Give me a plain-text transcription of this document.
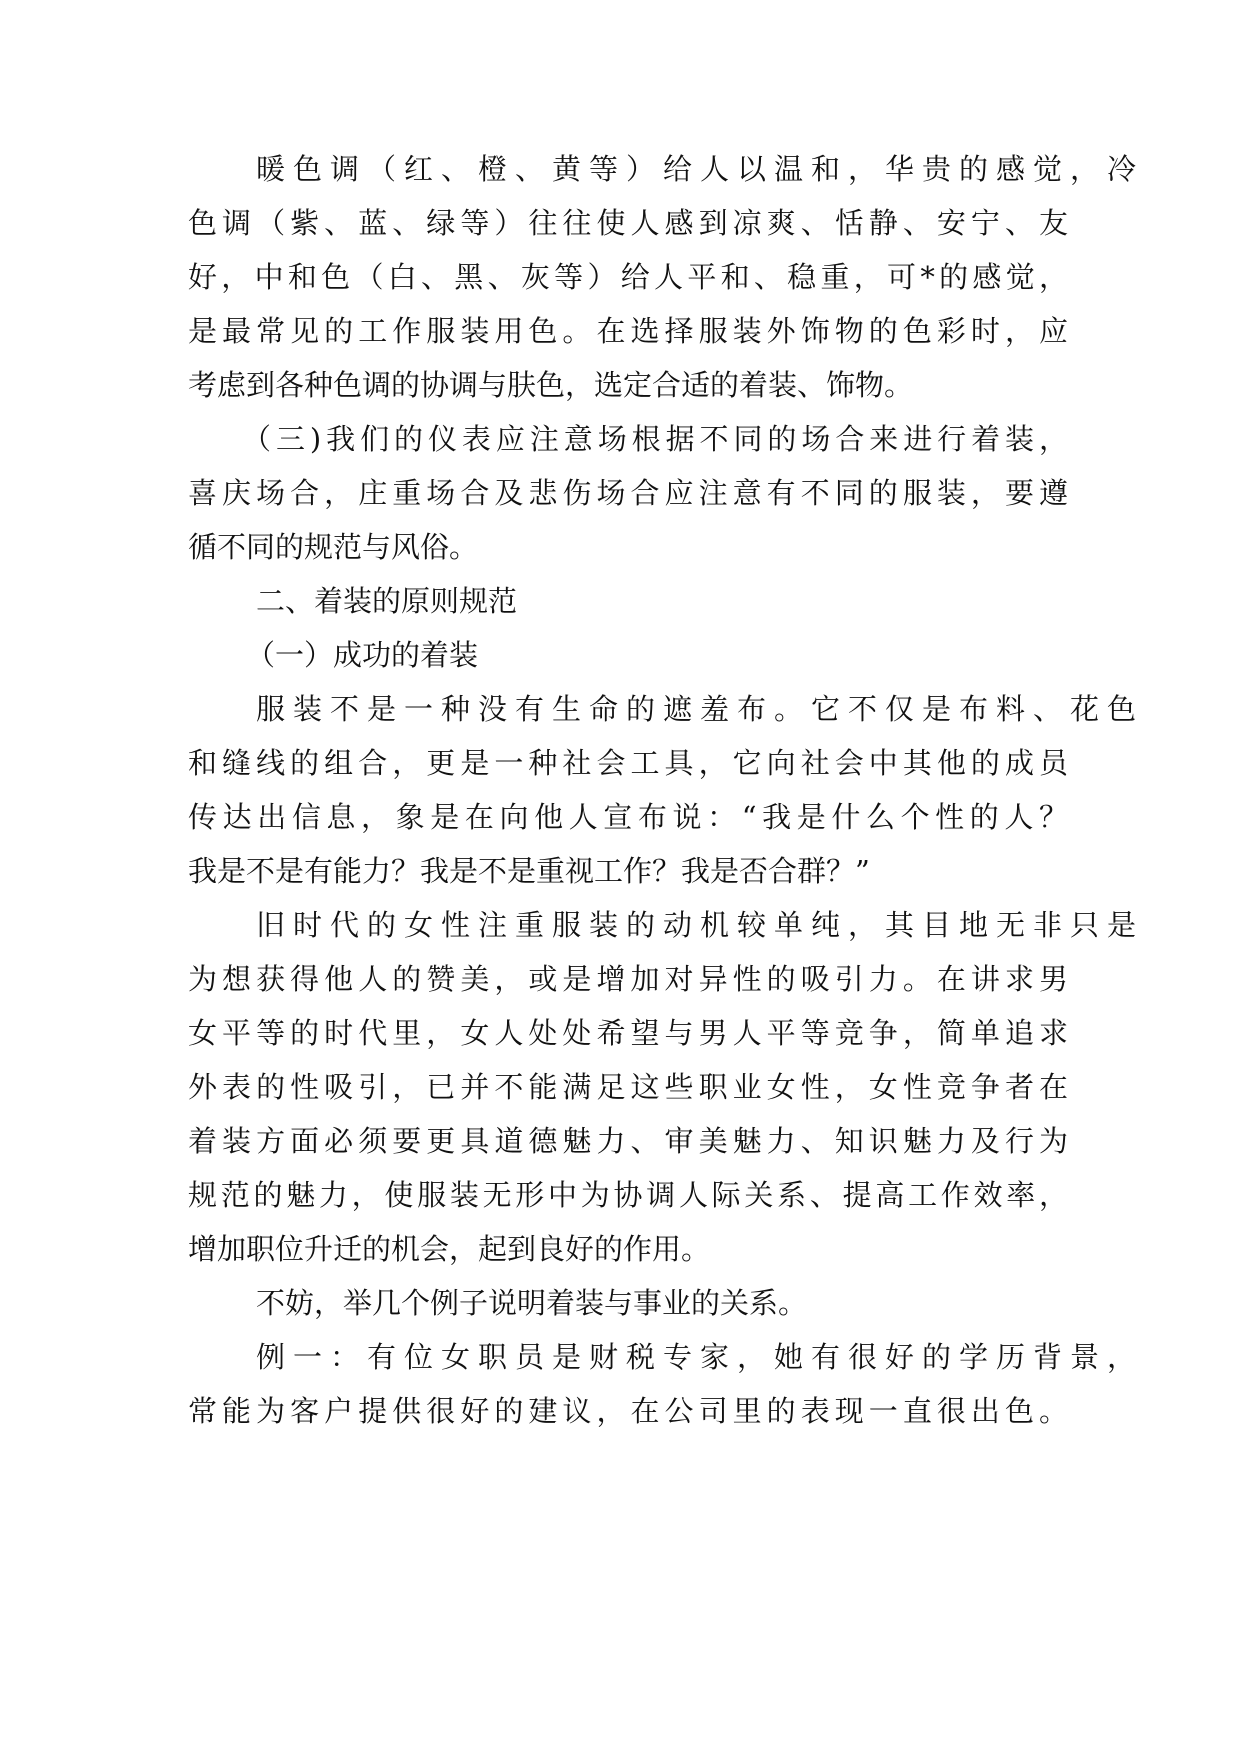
暖色调（红、橙、黄等）给人以温和，华贵的感觉，冷
色调（紫、蓝、绿等）往往使人感到凉爽、恬静、安宁、友
好，中和色（白、黑、灰等）给人平和、稳重，可*的感觉，
是最常见的工作服装用色。在选择服装外饰物的色彩时，应
考虑到各种色调的协调与肤色，选定合适的着装、饰物。
（三)我们的仪表应注意场根据不同的场合来进行着装，
喜庆场合，庄重场合及悲伤场合应注意有不同的服装，要遵
循不同的规范与风俗。
二、着装的原则规范
（一）成功的着装
服装不是一种没有生命的遮羞布。它不仅是布料、花色
和缝线的组合，更是一种社会工具，它向社会中其他的成员
传达出信息，象是在向他人宣布说：“我是什么个性的人？
我是不是有能力？我是不是重视工作？我是否合群？”
旧时代的女性注重服装的动机较单纯，其目地无非只是
为想获得他人的赞美，或是增加对异性的吸引力。在讲求男
女平等的时代里，女人处处希望与男人平等竞争，简单追求
外表的性吸引，已并不能满足这些职业女性，女性竞争者在
着装方面必须要更具道德魅力、审美魅力、知识魅力及行为
规范的魅力，使服装无形中为协调人际关系、提高工作效率，
增加职位升迁的机会，起到良好的作用。
不妨，举几个例子说明着装与事业的关系。
例一：有位女职员是财税专家，她有很好的学历背景，
常能为客户提供很好的建议，在公司里的表现一直很出色。
